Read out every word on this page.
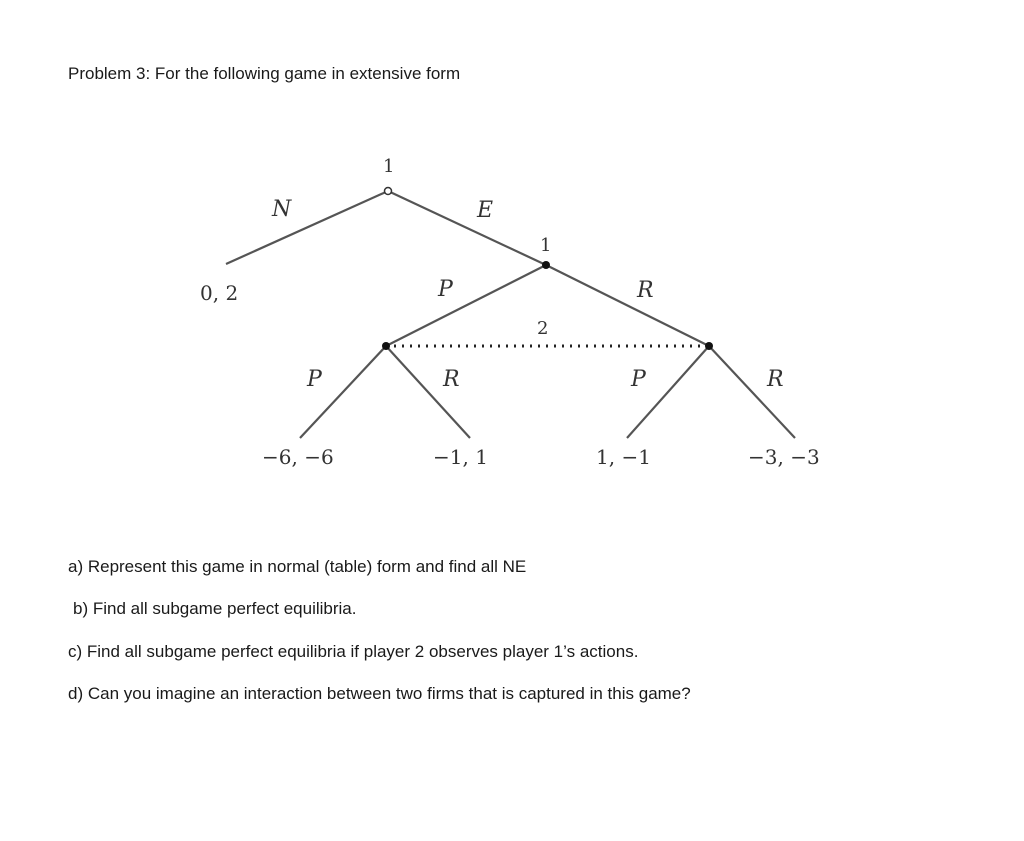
Problem 3: For the following game in extensive form

1
1
2
N	E
P	R
P	R	P	R
0, 2
−6, −6	−1, 1	1, −1	−3, −3

a) Represent this game in normal (table) form and find all NE

b) Find all subgame perfect equilibria.

c) Find all subgame perfect equilibria if player 2 observes player 1’s actions.

d) Can you imagine an interaction between two firms that is captured in this game?
